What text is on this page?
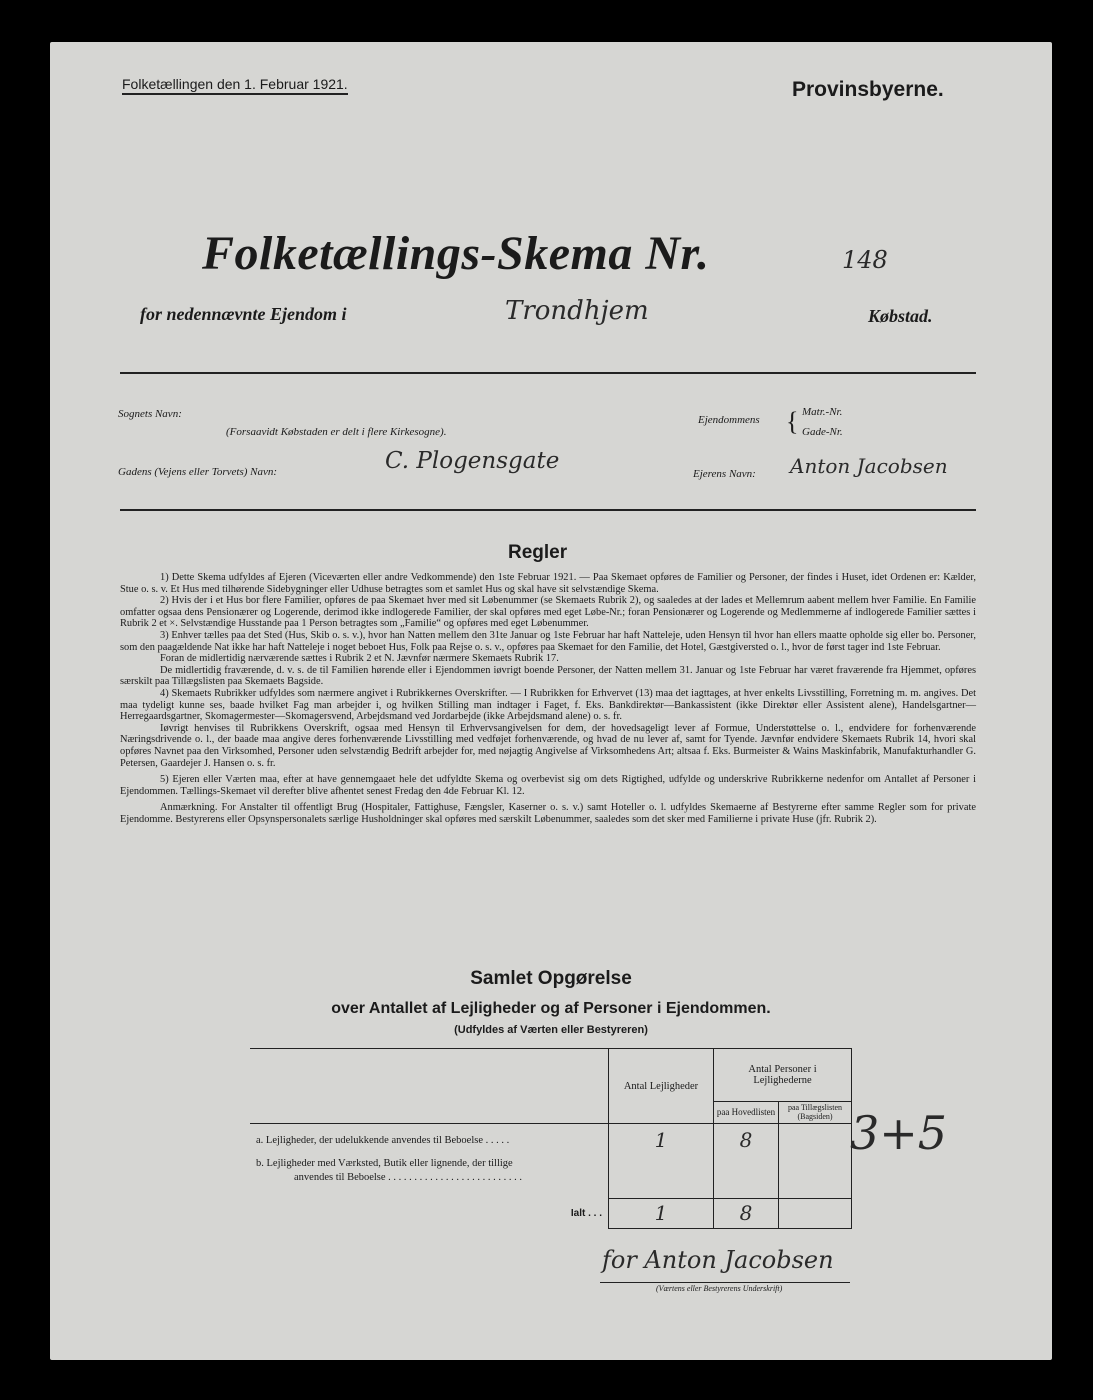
Folketællingen den 1. Februar 1921.	Provinsbyerne.
Folketællings-Skema Nr.	148
for nedennævnte Ejendom i	Trondhjem	Købstad.
Sognets Navn:
(Forsaavidt Købstaden er delt i flere Kirkesogne).
Ejendommens { Matr.-Nr.
Gade-Nr.
Gadens (Vejens eller Torvets) Navn:	C. Plogensgate	Ejerens Navn: Anton Jacobsen
Regler

1) Dette Skema udfyldes af Ejeren (Viceværten eller andre Vedkommende) den 1ste Februar 1921. — Paa Skemaet opføres de Familier og Personer, der findes i Huset, idet Ordenen er: Kælder, Stue o. s. v. Et Hus med tilhørende Sidebygninger eller Udhuse betragtes som et samlet Hus og skal have sit selvstændige Skema.

2) Hvis der i et Hus bor flere Familier, opføres de paa Skemaet hver med sit Løbenummer (se Skemaets Rubrik 2), og saaledes at der lades et Mellemrum aabent mellem hver Familie. En Familie omfatter ogsaa dens Pensionærer og Logerende, derimod ikke indlogerede Familier, der skal opføres med eget Løbe-Nr.; foran Pensionærer og Logerende og Medlemmerne af indlogerede Familier sættes i Rubrik 2 et ×. Selvstændige Husstande paa 1 Person betragtes som „Familie“ og opføres med eget Løbenummer.

3) Enhver tælles paa det Sted (Hus, Skib o. s. v.), hvor han Natten mellem den 31te Januar og 1ste Februar har haft Natteleje, uden Hensyn til hvor han ellers maatte opholde sig eller bo. Personer, som den paagældende Nat ikke har haft Natteleje i noget beboet Hus, Folk paa Rejse o. s. v., opføres paa Skemaet for den Familie, det Hotel, Gæstgiversted o. l., hvor de først tager ind 1ste Februar.

Foran de midlertidig nærværende sættes i Rubrik 2 et N. Jævnfør nærmere Skemaets Rubrik 17.

De midlertidig fraværende, d. v. s. de til Familien hørende eller i Ejendommen iøvrigt boende Personer, der Natten mellem 31. Januar og 1ste Februar har været fraværende fra Hjemmet, opføres særskilt paa Tillægslisten paa Skemaets Bagside.

4) Skemaets Rubrikker udfyldes som nærmere angivet i Rubrikkernes Overskrifter. — I Rubrikken for Erhvervet (13) maa det iagttages, at hver enkelts Livsstilling, Forretning m. m. angives. Det maa tydeligt kunne ses, baade hvilket Fag man arbejder i, og hvilken Stilling man indtager i Faget, f. Eks. Bankdirektør—Bankassistent (ikke Direktør eller Assistent alene), Handelsgartner—Herregaardsgartner, Skomagermester—Skomagersvend, Arbejdsmand ved Jordarbejde (ikke Arbejdsmand alene) o. s. fr.

Iøvrigt henvises til Rubrikkens Overskrift, ogsaa med Hensyn til Erhvervsangivelsen for dem, der hovedsageligt lever af Formue, Understøttelse o. l., endvidere for forhenværende Næringsdrivende o. l., der baade maa angive deres forhenværende Livsstilling med vedføjet forhenværende, og hvad de nu lever af, samt for Tyende. Jævnfør endvidere Skemaets Rubrik 14, hvori skal opføres Navnet paa den Virksomhed, Personer uden selvstændig Bedrift arbejder for, med nøjagtig Angivelse af Virksomhedens Art; altsaa f. Eks. Burmeister & Wains Maskinfabrik, Manufakturhandler G. Petersen, Gaardejer J. Hansen o. s. fr.

5) Ejeren eller Værten maa, efter at have gennemgaaet hele det udfyldte Skema og overbevist sig om dets Rigtighed, udfylde og underskrive Rubrikkerne nedenfor om Antallet af Personer i Ejendommen. Tællings-Skemaet vil derefter blive afhentet senest Fredag den 4de Februar Kl. 12.

Anmærkning. For Anstalter til offentligt Brug (Hospitaler, Fattighuse, Fængsler, Kaserner o. s. v.) samt Hoteller o. l. udfyldes Skemaerne af Bestyrerne efter samme Regler som for private Ejendomme. Bestyrerens eller Opsynspersonalets særlige Husholdninger skal opføres med særskilt Løbenummer, saaledes som det sker med Familierne i private Huse (jfr. Rubrik 2).

Samlet Opgørelse
over Antallet af Lejligheder og af Personer i Ejendommen.
(Udfyldes af Værten eller Bestyreren)
	Antal Lejligheder	Antal Personer i Lejlighederne	
		paa Hovedlisten	paa Tillægslisten (Bagsiden)
a. Lejligheder, der udelukkende anvendes til Beboelse . . . . .	1	8	

b. Lejligheder med Værksted, Butik eller lignende, der tillige
anvendes til Beboelse . . . . . . . . . . . . . . . . . . . . . . . . . .			

Ialt . . .	1	8	
3+5
for Anton Jacobsen
(Værtens eller Bestyrerens Underskrift)
